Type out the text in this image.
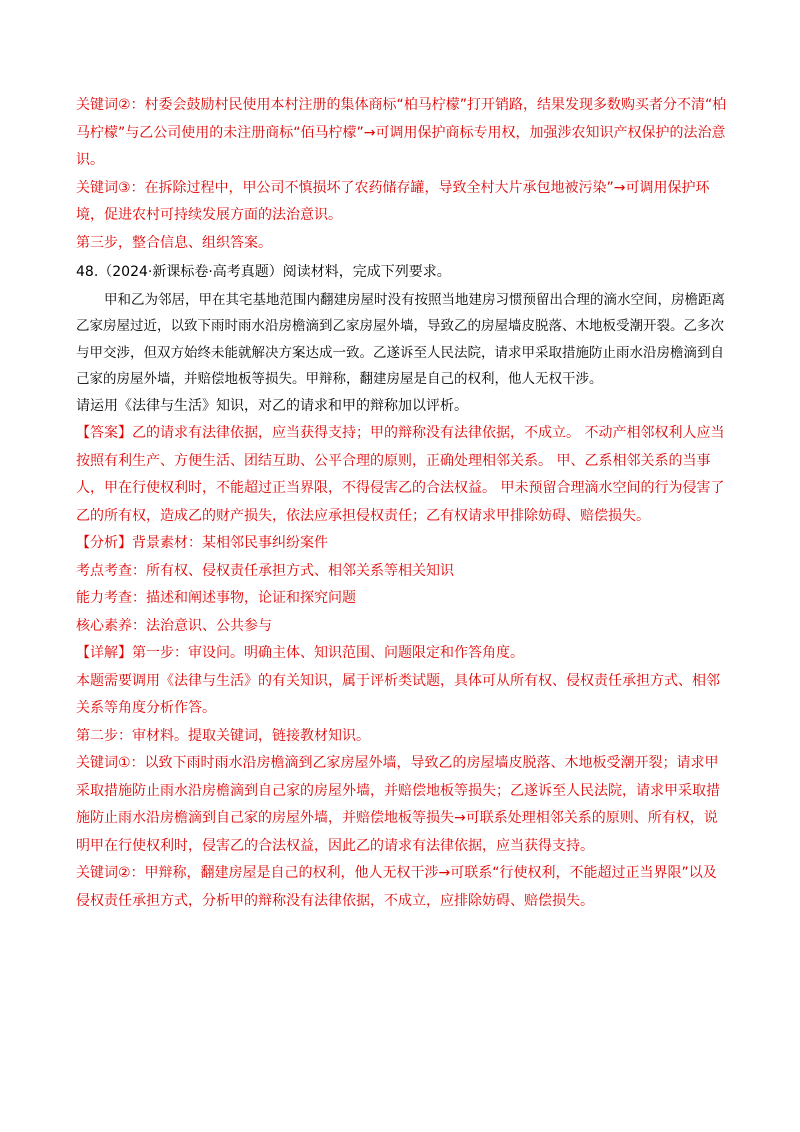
关键词②：村委会鼓励村民使用本村注册的集体商标“柏马柠檬”打开销路，结果发现多数购买者分不清“柏马柠檬”与乙公司使用的未注册商标“佰马柠檬”→可调用保护商标专用权，加强涉农知识产权保护的法治意识。

关键词③：在拆除过程中，甲公司不慎损坏了农药储存罐，导致全村大片承包地被污染”→可调用保护环境，促进农村可持续发展方面的法治意识。

第三步，整合信息、组织答案。

48.（2024·新课标卷·高考真题）阅读材料，完成下列要求。

甲和乙为邻居，甲在其宅基地范围内翻建房屋时没有按照当地建房习惯预留出合理的滴水空间，房檐距离乙家房屋过近，以致下雨时雨水沿房檐滴到乙家房屋外墙，导致乙的房屋墙皮脱落、木地板受潮开裂。乙多次与甲交涉，但双方始终未能就解决方案达成一致。乙遂诉至人民法院，请求甲采取措施防止雨水沿房檐滴到自己家的房屋外墙，并赔偿地板等损失。甲辩称，翻建房屋是自己的权利，他人无权干涉。

请运用《法律与生活》知识，对乙的请求和甲的辩称加以评析。

【答案】乙的请求有法律依据，应当获得支持；甲的辩称没有法律依据，不成立。 不动产相邻权利人应当按照有利生产、方便生活、团结互助、公平合理的原则，正确处理相邻关系。 甲、乙系相邻关系的当事人，甲在行使权利时，不能超过正当界限，不得侵害乙的合法权益。 甲未预留合理滴水空间的行为侵害了乙的所有权，造成乙的财产损失，依法应承担侵权责任；乙有权请求甲排除妨碍、赔偿损失。

【分析】背景素材：某相邻民事纠纷案件

考点考查：所有权、侵权责任承担方式、相邻关系等相关知识

能力考查：描述和阐述事物，论证和探究问题

核心素养：法治意识、公共参与

【详解】第一步：审设问。明确主体、知识范围、问题限定和作答角度。

本题需要调用《法律与生活》的有关知识，属于评析类试题，具体可从所有权、侵权责任承担方式、相邻关系等角度分析作答。

第二步：审材料。提取关键词，链接教材知识。

关键词①：以致下雨时雨水沿房檐滴到乙家房屋外墙，导致乙的房屋墙皮脱落、木地板受潮开裂；请求甲采取措施防止雨水沿房檐滴到自己家的房屋外墙，并赔偿地板等损失；乙遂诉至人民法院，请求甲采取措施防止雨水沿房檐滴到自己家的房屋外墙，并赔偿地板等损失→可联系处理相邻关系的原则、所有权，说明甲在行使权利时，侵害乙的合法权益，因此乙的请求有法律依据，应当获得支持。

关键词②：甲辩称，翻建房屋是自己的权利，他人无权干涉→可联系“行使权利，不能超过正当界限”以及侵权责任承担方式，分析甲的辩称没有法律依据，不成立，应排除妨碍、赔偿损失。
